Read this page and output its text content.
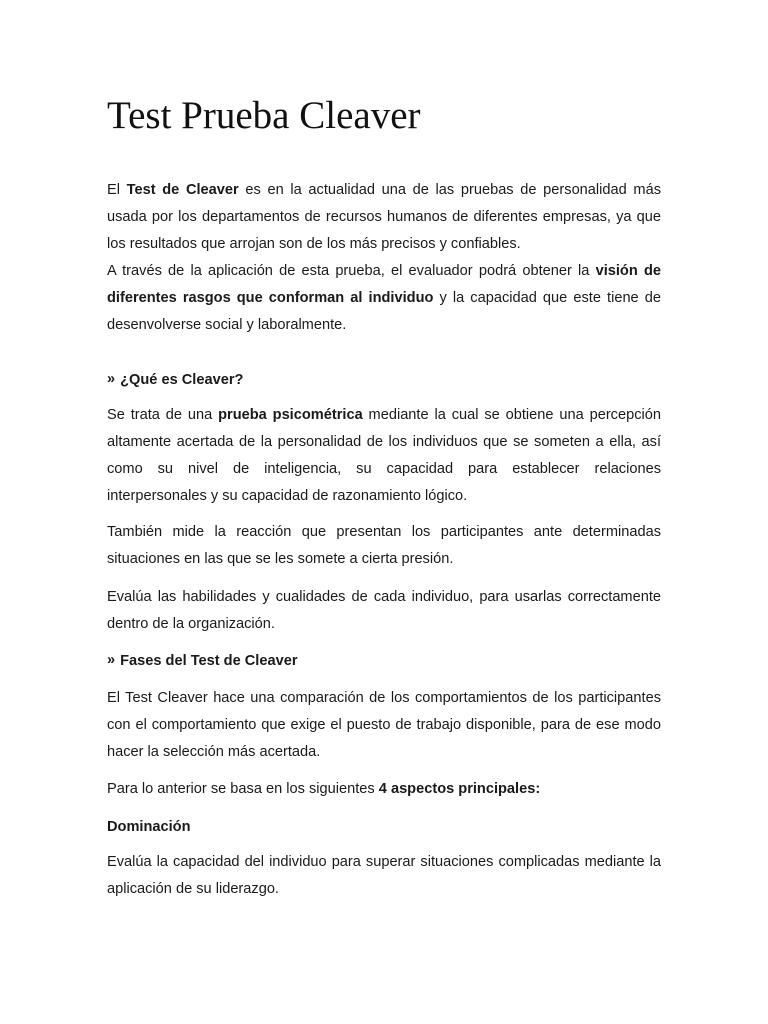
Test Prueba Cleaver

El Test de Cleaver es en la actualidad una de las pruebas de personalidad más usada por los departamentos de recursos humanos de diferentes empresas, ya que los resultados que arrojan son de los más precisos y confiables.

A través de la aplicación de esta prueba, el evaluador podrá obtener la visión de diferentes rasgos que conforman al individuo y la capacidad que este tiene de desenvolverse social y laboralmente.

» ¿Qué es Cleaver?

Se trata de una prueba psicométrica mediante la cual se obtiene una percepción altamente acertada de la personalidad de los individuos que se someten a ella, así como su nivel de inteligencia, su capacidad para establecer relaciones interpersonales y su capacidad de razonamiento lógico.

También mide la reacción que presentan los participantes ante determinadas situaciones en las que se les somete a cierta presión.

Evalúa las habilidades y cualidades de cada individuo, para usarlas correctamente dentro de la organización.

» Fases del Test de Cleaver

El Test Cleaver hace una comparación de los comportamientos de los participantes con el comportamiento que exige el puesto de trabajo disponible, para de ese modo hacer la selección más acertada.

Para lo anterior se basa en los siguientes 4 aspectos principales:

Dominación

Evalúa la capacidad del individuo para superar situaciones complicadas mediante la aplicación de su liderazgo.
